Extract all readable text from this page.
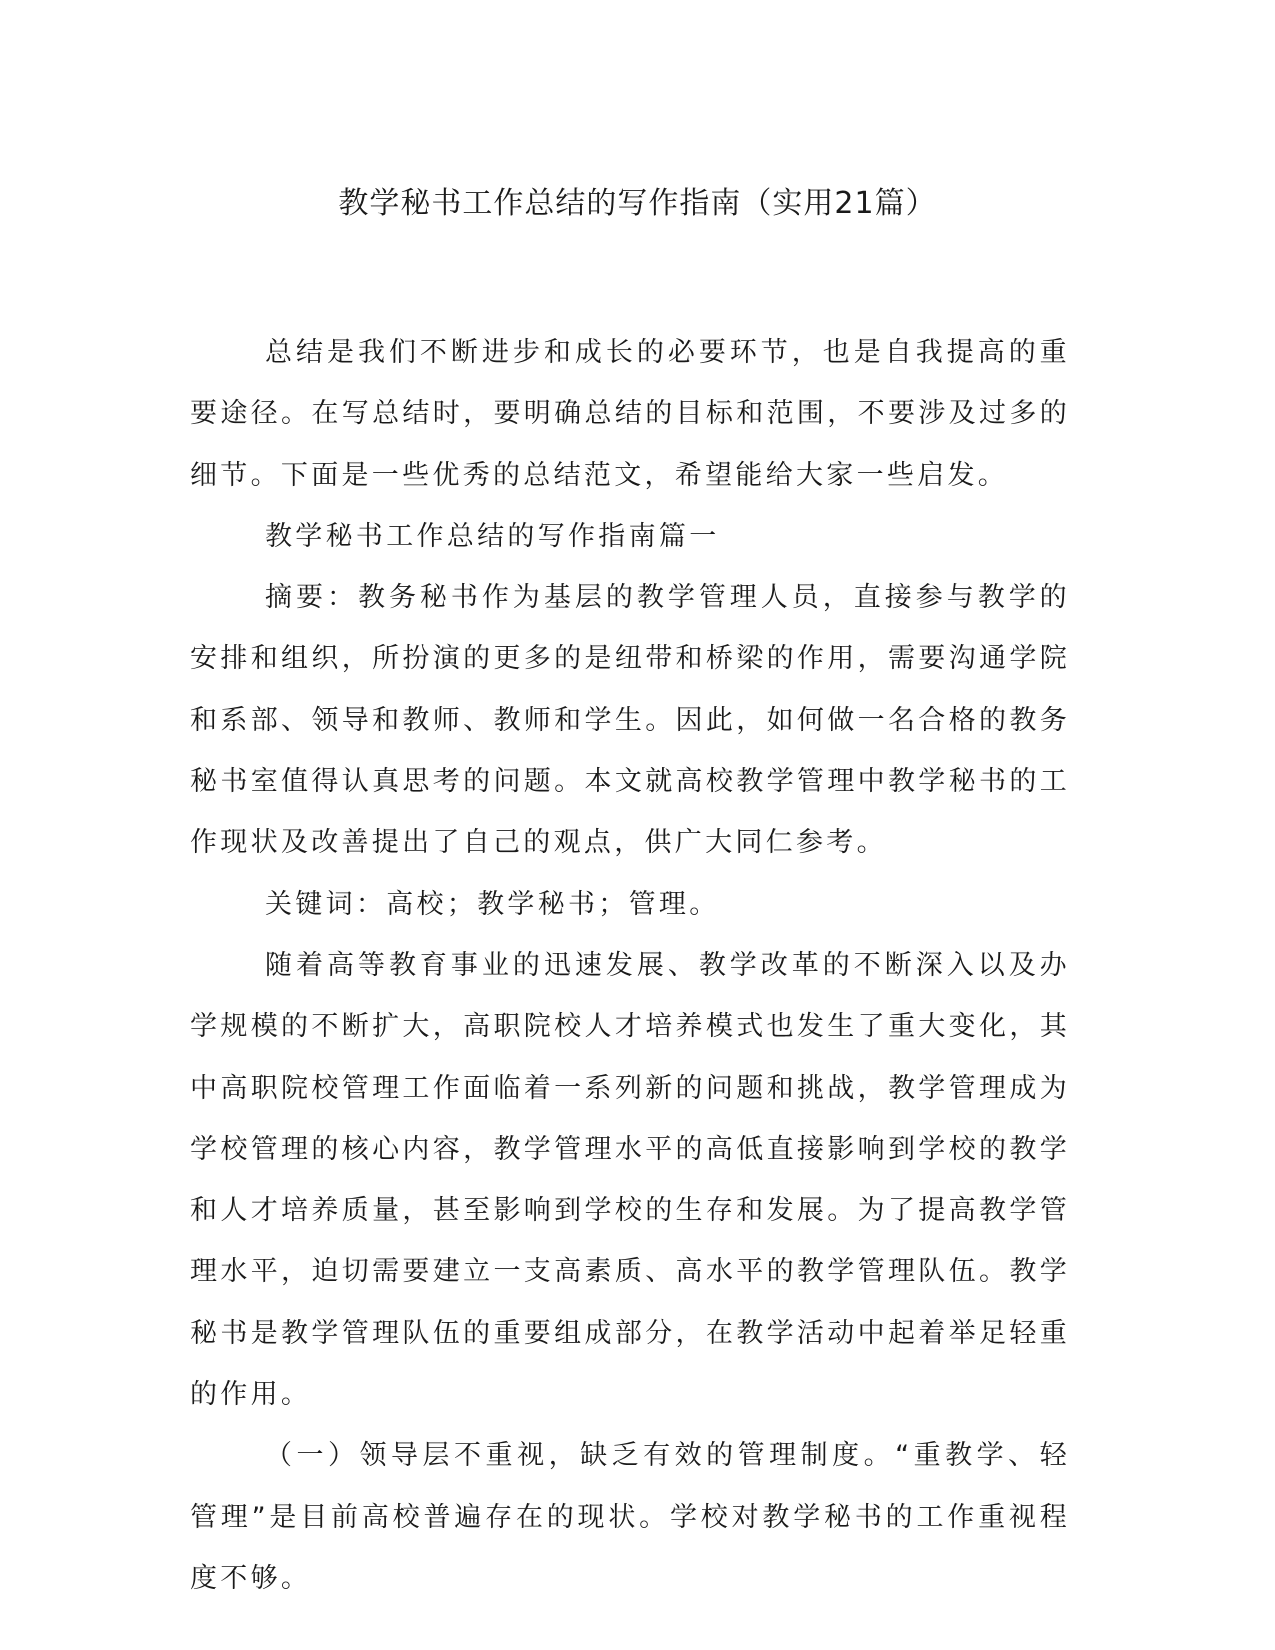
教学秘书工作总结的写作指南（实用21篇）

总结是我们不断进步和成长的必要环节，也是自我提高的重要途径。在写总结时，要明确总结的目标和范围，不要涉及过多的细节。下面是一些优秀的总结范文，希望能给大家一些启发。

教学秘书工作总结的写作指南篇一

摘要：教务秘书作为基层的教学管理人员，直接参与教学的安排和组织，所扮演的更多的是纽带和桥梁的作用，需要沟通学院和系部、领导和教师、教师和学生。因此，如何做一名合格的教务秘书室值得认真思考的问题。本文就高校教学管理中教学秘书的工作现状及改善提出了自己的观点，供广大同仁参考。

关键词：高校；教学秘书；管理。

随着高等教育事业的迅速发展、教学改革的不断深入以及办学规模的不断扩大，高职院校人才培养模式也发生了重大变化，其中高职院校管理工作面临着一系列新的问题和挑战，教学管理成为学校管理的核心内容，教学管理水平的高低直接影响到学校的教学和人才培养质量，甚至影响到学校的生存和发展。为了提高教学管理水平，迫切需要建立一支高素质、高水平的教学管理队伍。教学秘书是教学管理队伍的重要组成部分，在教学活动中起着举足轻重的作用。

（一）领导层不重视，缺乏有效的管理制度。“重教学、轻管理”是目前高校普遍存在的现状。学校对教学秘书的工作重视程度不够。
